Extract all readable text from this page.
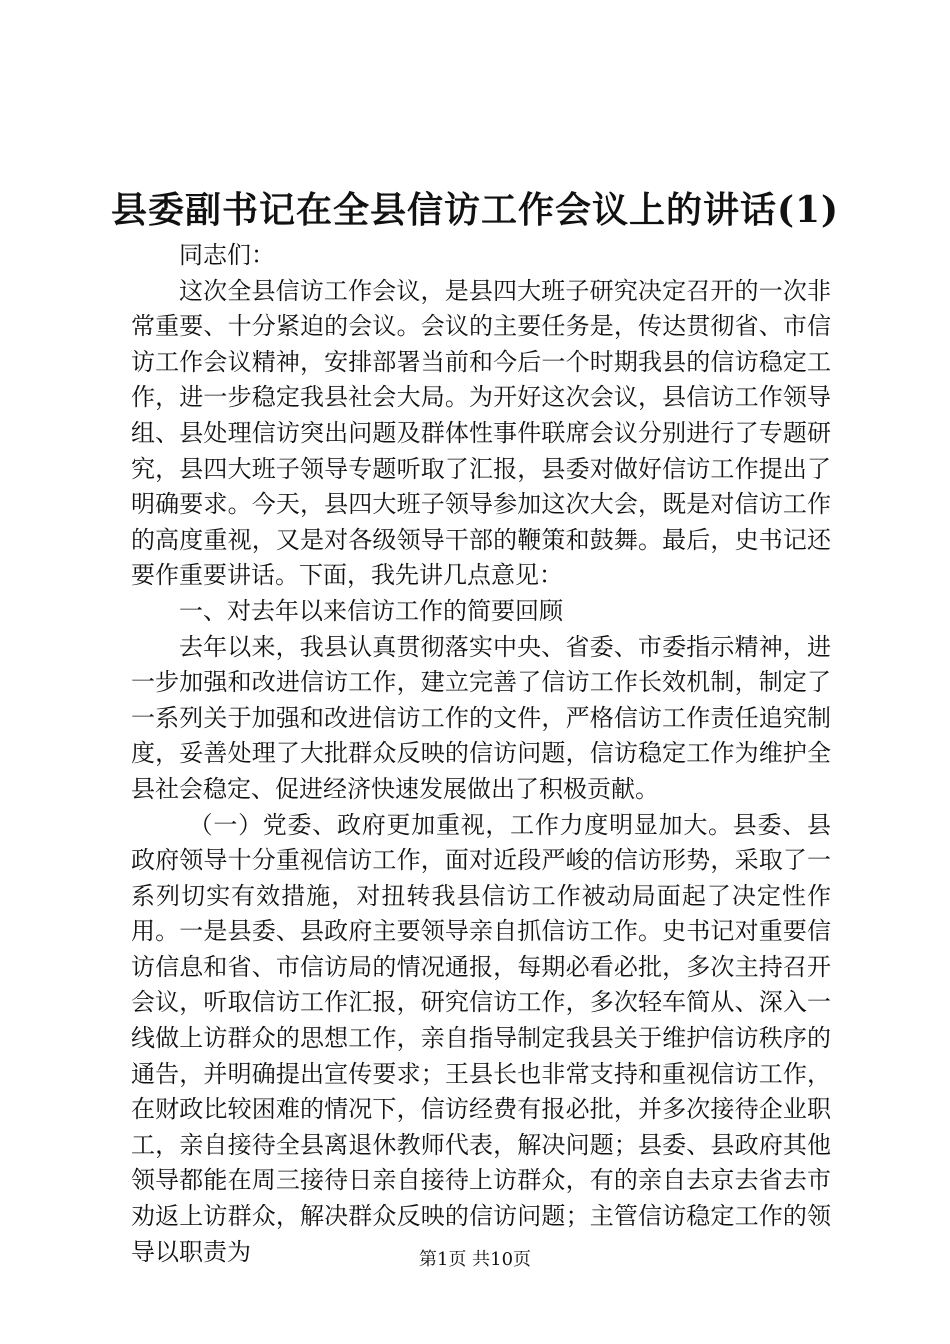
县委副书记在全县信访工作会议上的讲话(1)

同志们：

这次全县信访工作会议，是县四大班子研究决定召开的一次非常重要、十分紧迫的会议。会议的主要任务是，传达贯彻省、市信访工作会议精神，安排部署当前和今后一个时期我县的信访稳定工作，进一步稳定我县社会大局。为开好这次会议，县信访工作领导组、县处理信访突出问题及群体性事件联席会议分别进行了专题研究，县四大班子领导专题听取了汇报，县委对做好信访工作提出了明确要求。今天，县四大班子领导参加这次大会，既是对信访工作的高度重视，又是对各级领导干部的鞭策和鼓舞。最后，史书记还要作重要讲话。下面，我先讲几点意见：

一、对去年以来信访工作的简要回顾

去年以来，我县认真贯彻落实中央、省委、市委指示精神，进一步加强和改进信访工作，建立完善了信访工作长效机制，制定了一系列关于加强和改进信访工作的文件，严格信访工作责任追究制度，妥善处理了大批群众反映的信访问题，信访稳定工作为维护全县社会稳定、促进经济快速发展做出了积极贡献。

（一）党委、政府更加重视，工作力度明显加大。县委、县政府领导十分重视信访工作，面对近段严峻的信访形势，采取了一系列切实有效措施，对扭转我县信访工作被动局面起了决定性作用。一是县委、县政府主要领导亲自抓信访工作。史书记对重要信访信息和省、市信访局的情况通报，每期必看必批，多次主持召开会议，听取信访工作汇报，研究信访工作，多次轻车简从、深入一线做上访群众的思想工作，亲自指导制定我县关于维护信访秩序的通告，并明确提出宣传要求；王县长也非常支持和重视信访工作，在财政比较困难的情况下，信访经费有报必批，并多次接待企业职工，亲自接待全县离退休教师代表，解决问题；县委、县政府其他领导都能在周三接待日亲自接待上访群众，有的亲自去京去省去市劝返上访群众，解决群众反映的信访问题；主管信访稳定工作的领导以职责为	第1页 共10页
